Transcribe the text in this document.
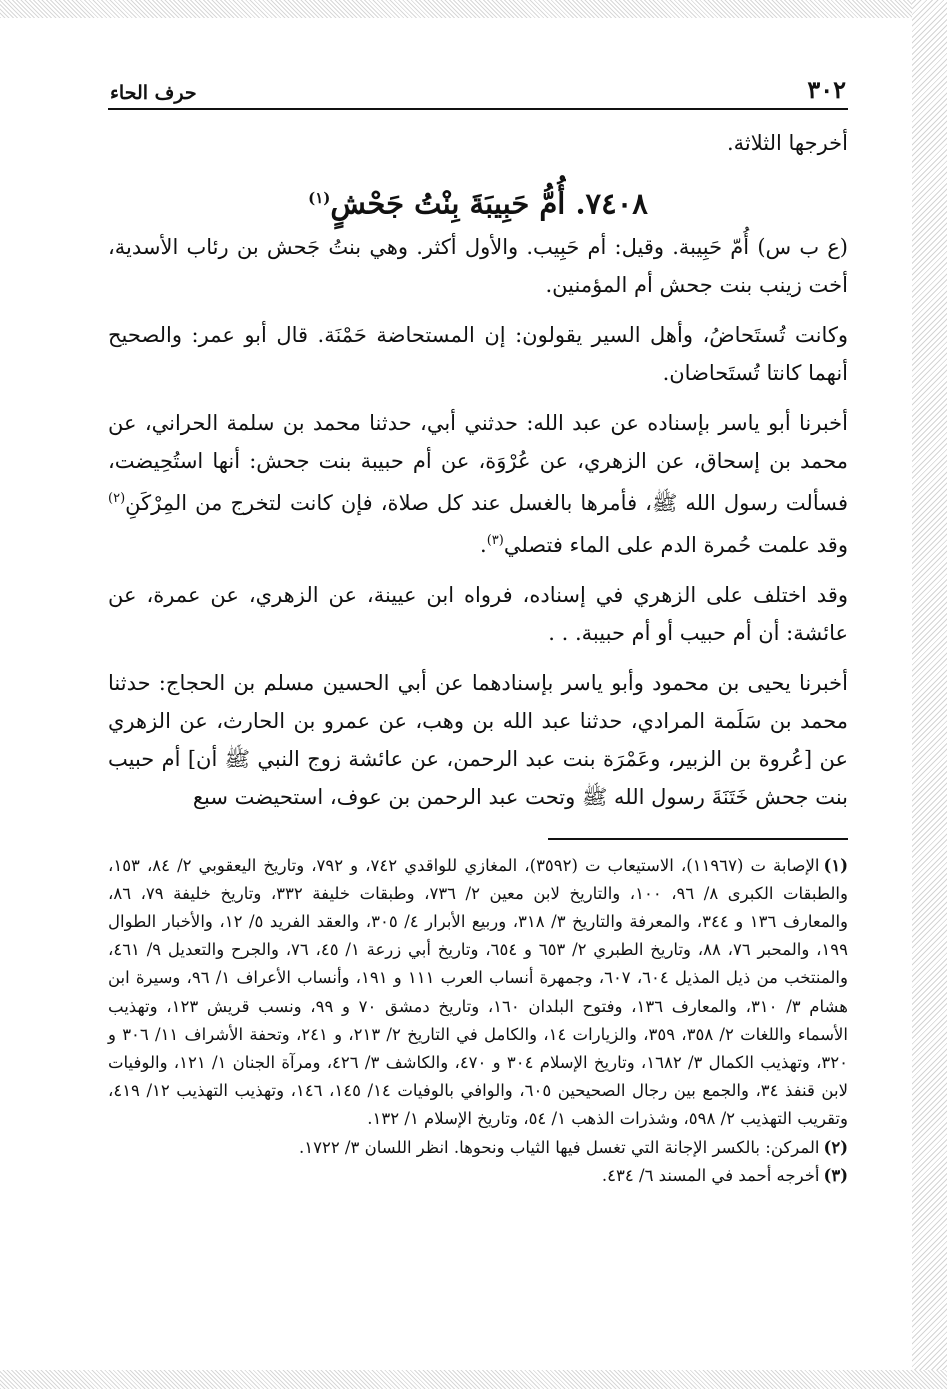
٣٠٢
حرف الحاء

أخرجها الثلاثة.

٧٤٠٨. أُمُّ حَبِيبَةَ بِنْتُ جَحْشٍ$^{(١)}$

(ع ب س) أُمّ حَبِيبة. وقيل: أم حَبِيب. والأول أكثر. وهي بنتُ جَحش بن رئاب الأسدية، أخت زينب بنت جحش أم المؤمنين.

وكانت تُستَحاضُ، وأهل السير يقولون: إن المستحاضة حَمْنَة. قال أبو عمر: والصحيح أنهما كانتا تُستَحاضان.

أخبرنا أبو ياسر بإسناده عن عبد الله: حدثني أبي، حدثنا محمد بن سلمة الحراني، عن محمد بن إسحاق، عن الزهري، عن عُرْوَة، عن أم حبيبة بنت جحش: أنها استُحِيضت، فسألت رسول الله ﷺ، فأمرها بالغسل عند كل صلاة، فإن كانت لتخرج من المِرْكَنِ$^{(٢)}$ وقد علمت حُمرة الدم على الماء فتصلي$^{(٣)}$.

وقد اختلف على الزهري في إسناده، فرواه ابن عيينة، عن الزهري، عن عمرة، عن عائشة: أن أم حبيب أو أم حبيبة. . .

أخبرنا يحيى بن محمود وأبو ياسر بإسنادهما عن أبي الحسين مسلم بن الحجاج: حدثنا محمد بن سَلَمة المرادي، حدثنا عبد الله بن وهب، عن عمرو بن الحارث، عن الزهري عن [عُروة بن الزبير، وعَمْرَة بنت عبد الرحمن، عن عائشة زوج النبي ﷺ أن] أم حبيب بنت جحش خَتَنَةَ رسول الله ﷺ وتحت عبد الرحمن بن عوف، استحيضت سبع

(١)الإصابة ت (١١٩٦٧)، الاستيعاب ت (٣٥٩٢)، المغازي للواقدي ٧٤٢، و ٧٩٢، وتاريخ اليعقوبي ٢/ ٨٤، ١٥٣، والطبقات الكبرى ٨/ ٩٦، ١٠٠، والتاريخ لابن معين ٢/ ٧٣٦، وطبقات خليفة ٣٣٢، وتاريخ خليفة ٧٩، ٨٦، والمعارف ١٣٦ و ٣٤٤، والمعرفة والتاريخ ٣/ ٣١٨، وربيع الأبرار ٤/ ٣٠٥، والعقد الفريد ٥/ ١٢، والأخبار الطوال ١٩٩، والمحبر ٧٦، ٨٨، وتاريخ الطبري ٢/ ٦٥٣ و ٦٥٤، وتاريخ أبي زرعة ١/ ٤٥، ٧٦، والجرح والتعديل ٩/ ٤٦١، والمنتخب من ذيل المذيل ٦٠٤، ٦٠٧، وجمهرة أنساب العرب ١١١ و ١٩١، وأنساب الأعراف ١/ ٩٦، وسيرة ابن هشام ٣/ ٣١٠، والمعارف ١٣٦، وفتوح البلدان ١٦٠، وتاريخ دمشق ٧٠ و ٩٩، ونسب قريش ١٢٣، وتهذيب الأسماء واللغات ٢/ ٣٥٨، ٣٥٩، والزيارات ١٤، والكامل في التاريخ ٢/ ٢١٣، و ٢٤١، وتحفة الأشراف ١١/ ٣٠٦ و ٣٢٠، وتهذيب الكمال ٣/ ١٦٨٢، وتاريخ الإسلام ٣٠٤ و ٤٧٠، والكاشف ٣/ ٤٢٦، ومرآة الجنان ١/ ١٢١، والوفيات لابن قنفذ ٣٤، والجمع بين رجال الصحيحين ٦٠٥، والوافي بالوفيات ١٤/ ١٤٥، ١٤٦، وتهذيب التهذيب ١٢/ ٤١٩، وتقريب التهذيب ٢/ ٥٩٨، وشذرات الذهب ١/ ٥٤، وتاريخ الإسلام ١/ ١٣٢.

(٢)المركن: بالكسر الإجانة التي تغسل فيها الثياب ونحوها. انظر اللسان ٣/ ١٧٢٢.

(٣)أخرجه أحمد في المسند ٦/ ٤٣٤.
